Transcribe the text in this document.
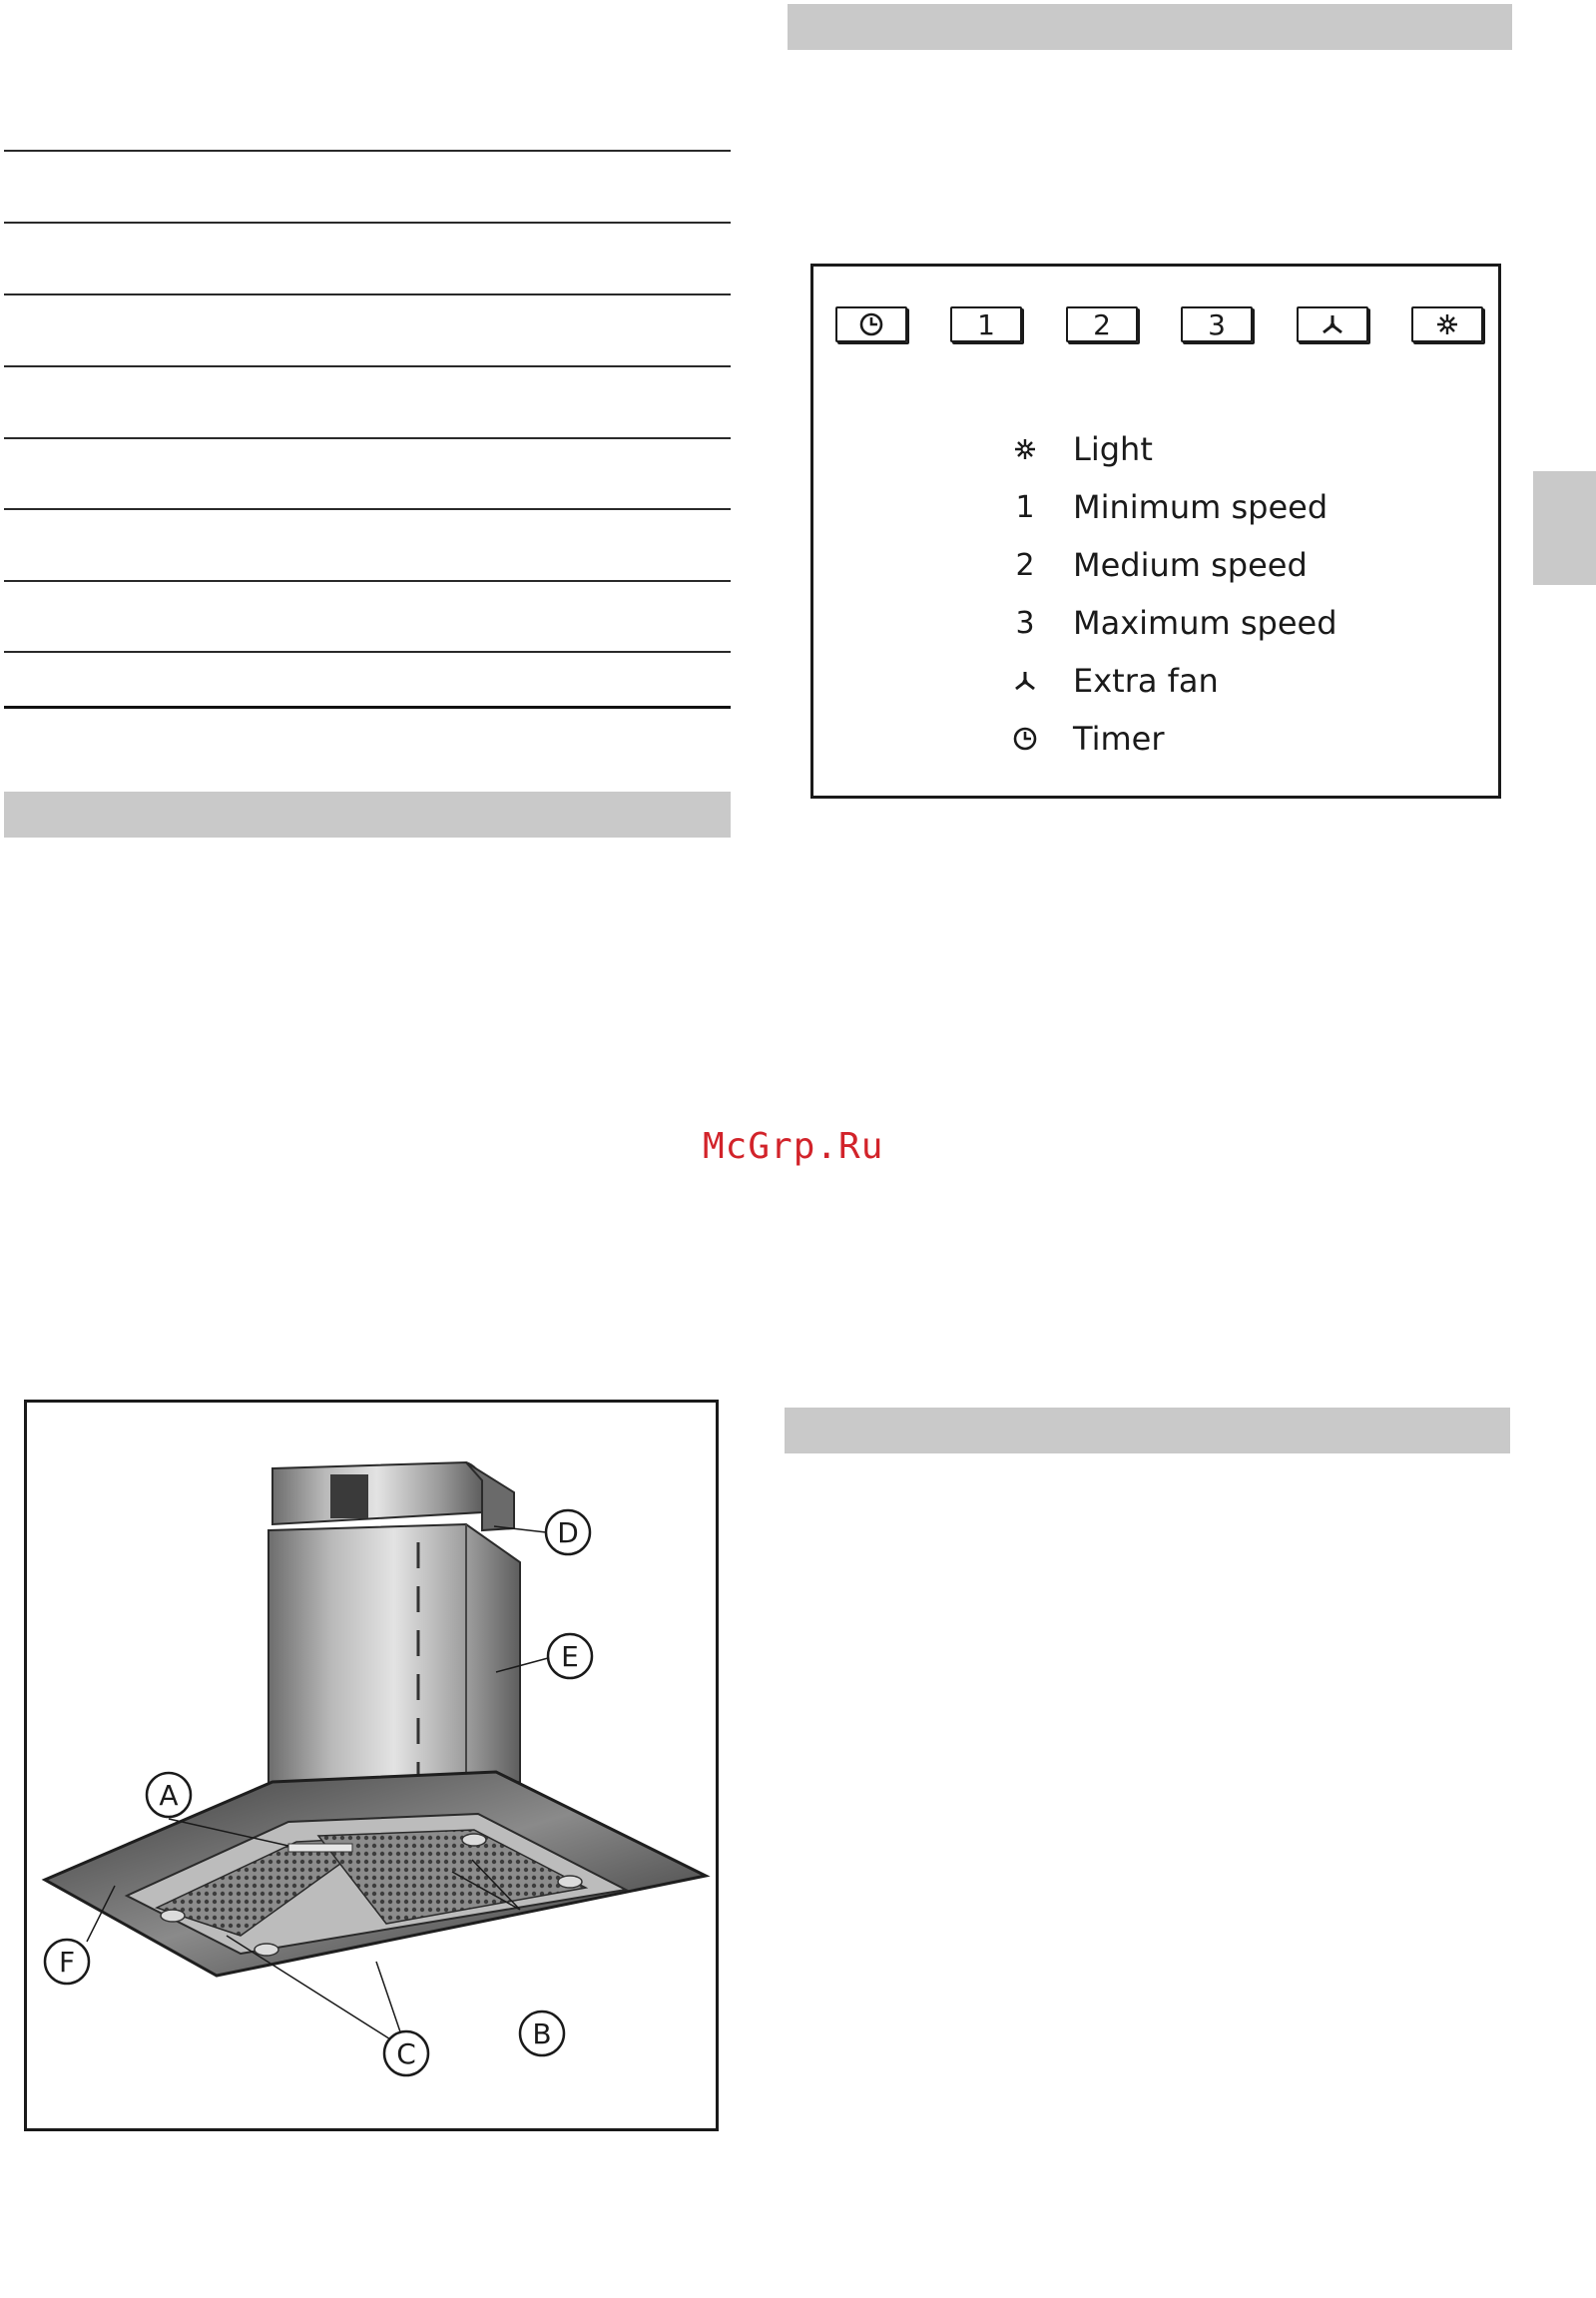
1	2	3
Light
1	Minimum speed
2	Medium speed
3	Maximum speed
Extra fan
Timer
McGrp.Ru
A
B
C
D
E
F
